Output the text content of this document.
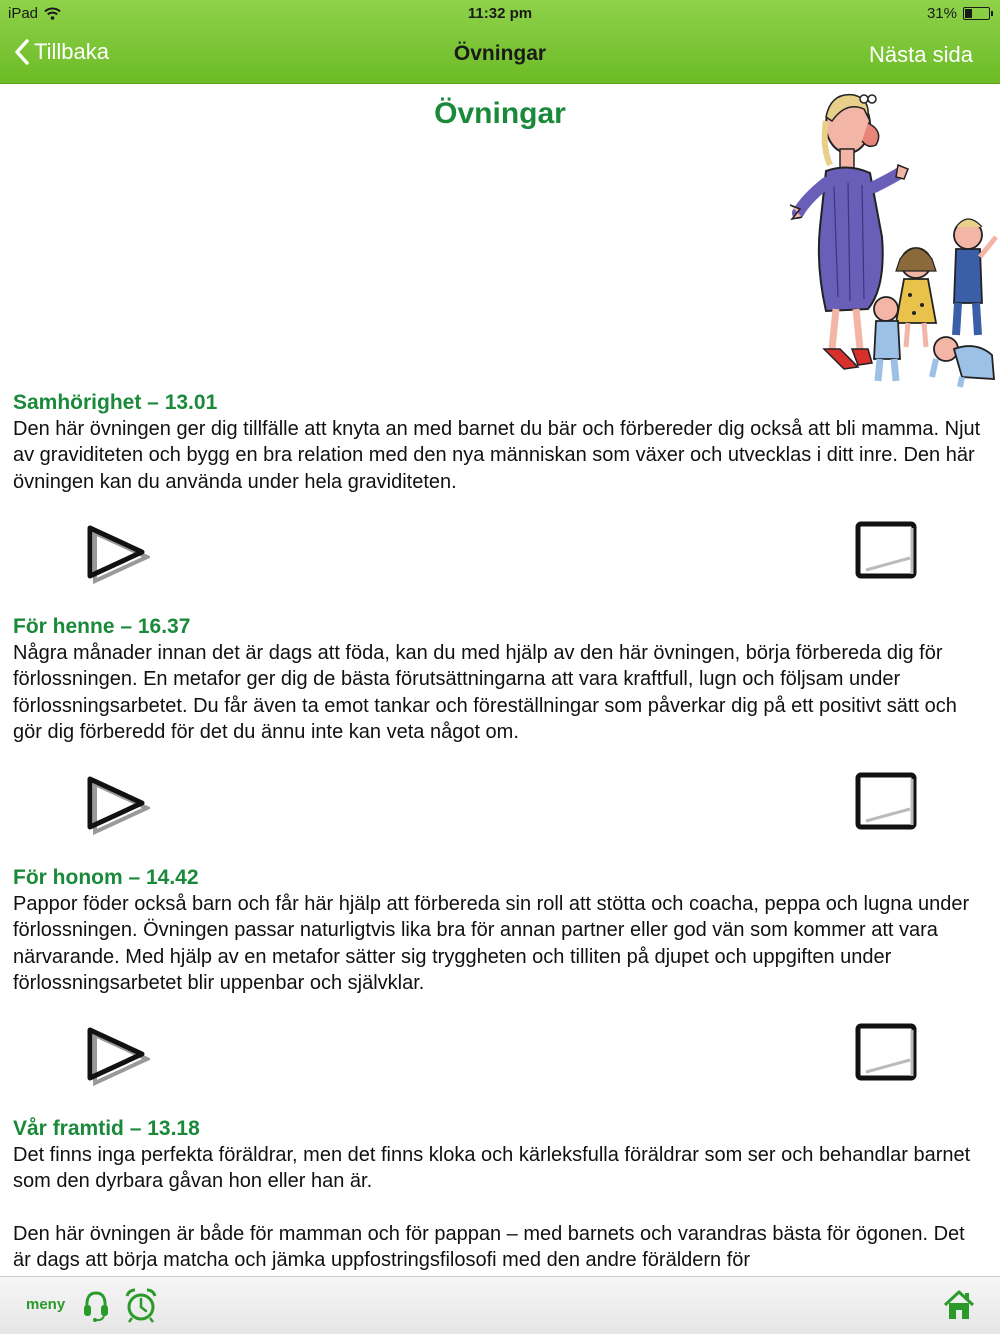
iPad	11:32 pm	31%
Tillbaka	Övningar	Nästa sida
Övningar
Samhörighet – 13.01

Den här övningen ger dig tillfälle att knyta an med barnet du bär och förbereder dig också att bli mamma. Njut av graviditeten och bygg en bra relation med den nya människan som växer och utvecklas i ditt inre. Den här övningen kan du använda under hela graviditeten.

För henne – 16.37

Några månader innan det är dags att föda, kan du med hjälp av den här övningen, börja förbereda dig för förlossningen. En metafor ger dig de bästa förutsättningarna att vara kraftfull, lugn och följsam under förlossningsarbetet. Du får även ta emot tankar och föreställningar som påverkar dig på ett positivt sätt och gör dig förberedd för det du ännu inte kan veta något om.

För honom – 14.42

Pappor föder också barn och får här hjälp att förbereda sin roll att stötta och coacha, peppa och lugna under förlossningen. Övningen passar naturligtvis lika bra för annan partner eller god vän som kommer att vara närvarande. Med hjälp av en metafor sätter sig tryggheten och tilliten på djupet och uppgiften under förlossningsarbetet blir uppenbar och självklar.

Vår framtid – 13.18

Det finns inga perfekta föräldrar, men det finns kloka och kärleksfulla föräldrar som ser och behandlar barnet som den dyrbara gåvan hon eller han är.

Den här övningen är både för mamman och för pappan – med barnets och varandras bästa för ögonen. Det är dags att börja matcha och jämka uppfostringsfilosofi med den andre föräldern för

meny
